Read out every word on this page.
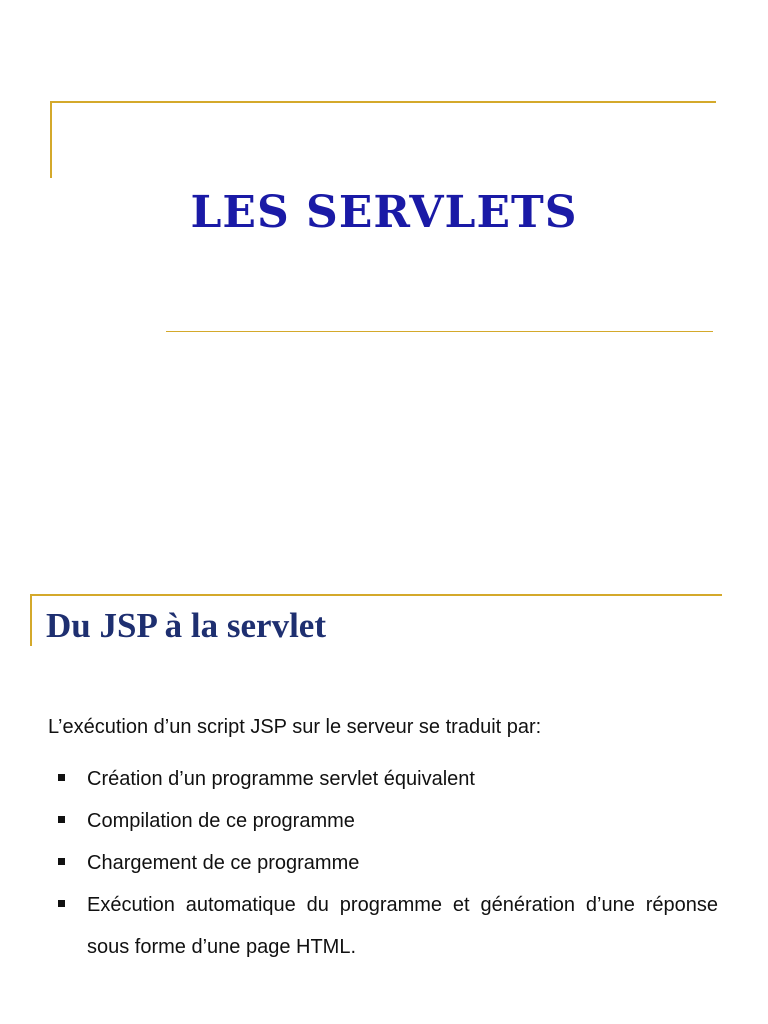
LES SERVLETS
Du JSP à la servlet
L’exécution d’un script JSP sur le serveur se traduit par:
Création d’un programme servlet équivalent
Compilation de ce programme
Chargement de ce programme
Exécution automatique du programme et génération d’une réponse sous forme d’une page HTML.
